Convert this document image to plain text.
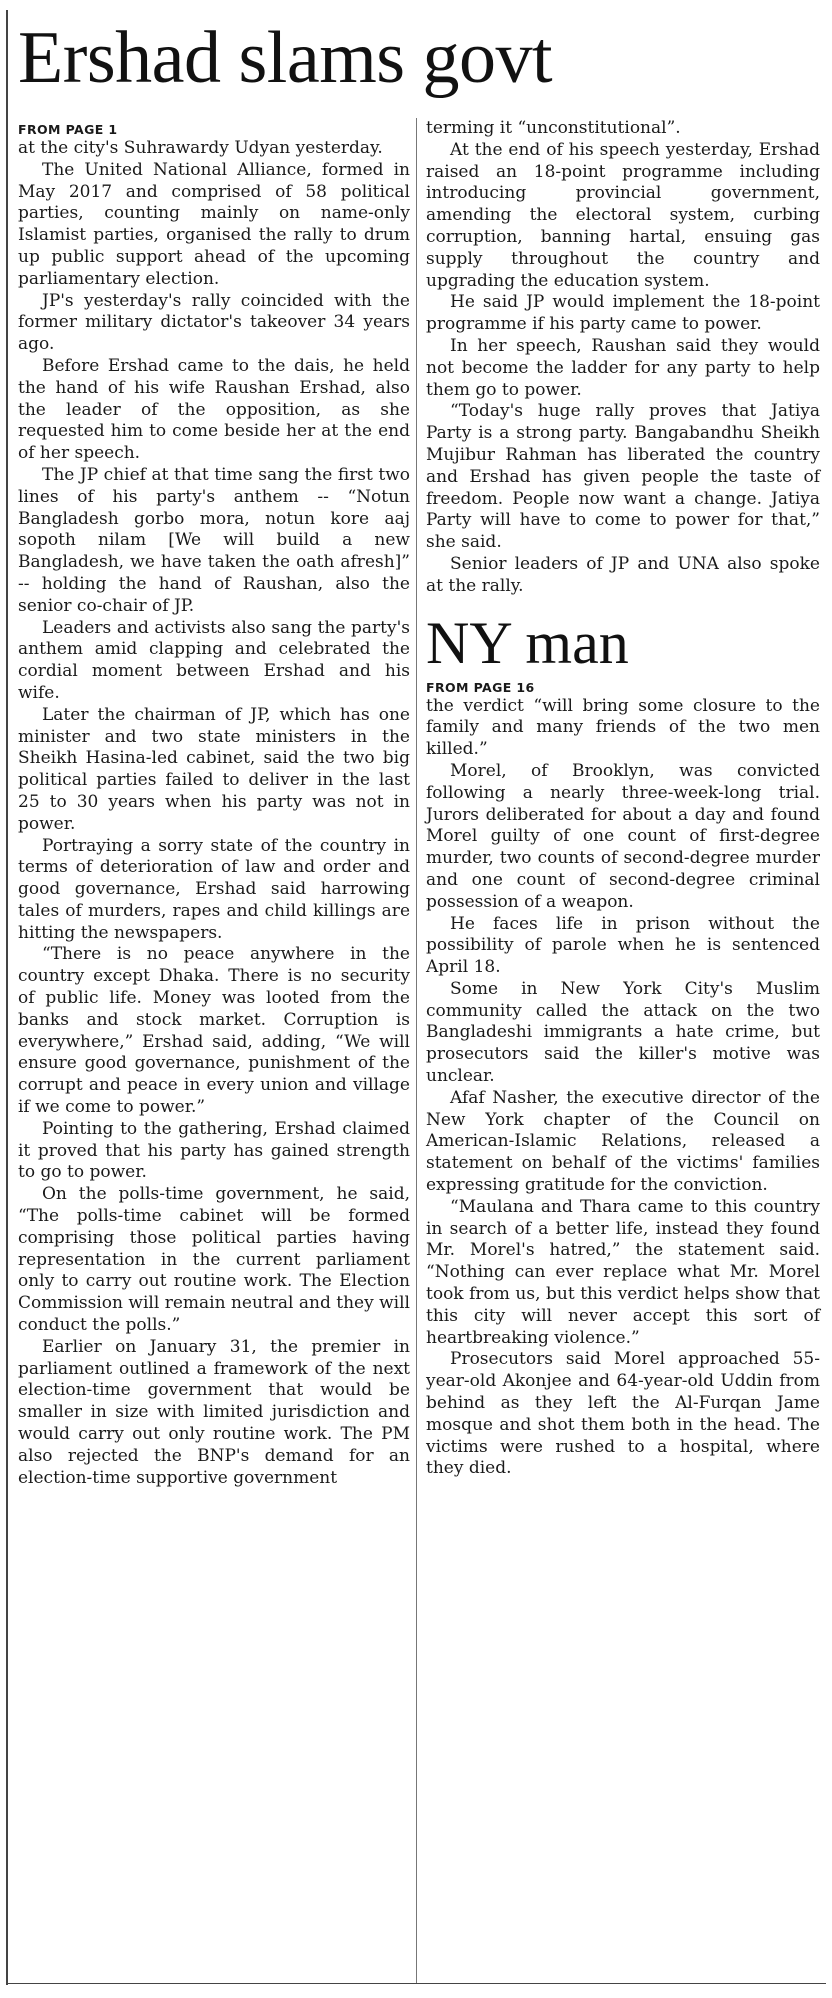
Ershad slams govt
FROM PAGE 1

at the city's Suhrawardy Udyan yesterday.

The United National Alliance, formed in May 2017 and comprised of 58 political parties, counting mainly on name-only Islamist parties, organised the rally to drum up public support ahead of the upcoming parliamentary election.

JP's yesterday's rally coincided with the former military dictator's takeover 34 years ago.

Before Ershad came to the dais, he held the hand of his wife Raushan Ershad, also the leader of the opposition, as she requested him to come beside her at the end of her speech.

The JP chief at that time sang the first two lines of his party's anthem -- “Notun Bangladesh gorbo mora, notun kore aaj sopoth nilam [We will build a new Bangladesh, we have taken the oath afresh]” -- holding the hand of Raushan, also the senior co-chair of JP.

Leaders and activists also sang the party's anthem amid clapping and celebrated the cordial moment between Ershad and his wife.

Later the chairman of JP, which has one minister and two state ministers in the Sheikh Hasina-led cabinet, said the two big political parties failed to deliver in the last 25 to 30 years when his party was not in power.

Portraying a sorry state of the country in terms of deterioration of law and order and good governance, Ershad said harrowing tales of murders, rapes and child killings are hitting the newspapers.

“There is no peace anywhere in the country except Dhaka. There is no security of public life. Money was looted from the banks and stock market. Corruption is everywhere,” Ershad said, adding, “We will ensure good governance, punishment of the corrupt and peace in every union and village if we come to power.”

Pointing to the gathering, Ershad claimed it proved that his party has gained strength to go to power.

On the polls-time government, he said, “The polls-time cabinet will be formed comprising those political parties having representation in the current parliament only to carry out routine work. The Election Commission will remain neutral and they will conduct the polls.”

Earlier on January 31, the premier in parliament outlined a framework of the next election-time government that would be smaller in size with limited jurisdiction and would carry out only routine work. The PM also rejected the BNP's demand for an election-time supportive government

terming it “unconstitutional”.

At the end of his speech yesterday, Ershad raised an 18-point programme including introducing provincial government, amending the electoral system, curbing corruption, banning hartal, ensuing gas supply throughout the country and upgrading the education system.

He said JP would implement the 18-point programme if his party came to power.

In her speech, Raushan said they would not become the ladder for any party to help them go to power.

“Today's huge rally proves that Jatiya Party is a strong party. Bangabandhu Sheikh Mujibur Rahman has liberated the country and Ershad has given people the taste of freedom. People now want a change. Jatiya Party will have to come to power for that,” she said.

Senior leaders of JP and UNA also spoke at the rally.

NY man
FROM PAGE 16

the verdict “will bring some closure to the family and many friends of the two men killed.”

Morel, of Brooklyn, was convicted following a nearly three-week-long trial. Jurors deliberated for about a day and found Morel guilty of one count of first-degree murder, two counts of second-degree murder and one count of second-degree criminal possession of a weapon.

He faces life in prison without the possibility of parole when he is sentenced April 18.

Some in New York City's Muslim community called the attack on the two Bangladeshi immigrants a hate crime, but prosecutors said the killer's motive was unclear.

Afaf Nasher, the executive director of the New York chapter of the Council on American-Islamic Relations, released a statement on behalf of the victims' families expressing gratitude for the conviction.

“Maulana and Thara came to this country in search of a better life, instead they found Mr. Morel's hatred,” the statement said. “Nothing can ever replace what Mr. Morel took from us, but this verdict helps show that this city will never accept this sort of heartbreaking violence.”

Prosecutors said Morel approached 55-year-old Akonjee and 64-year-old Uddin from behind as they left the Al-Furqan Jame mosque and shot them both in the head. The victims were rushed to a hospital, where they died.
